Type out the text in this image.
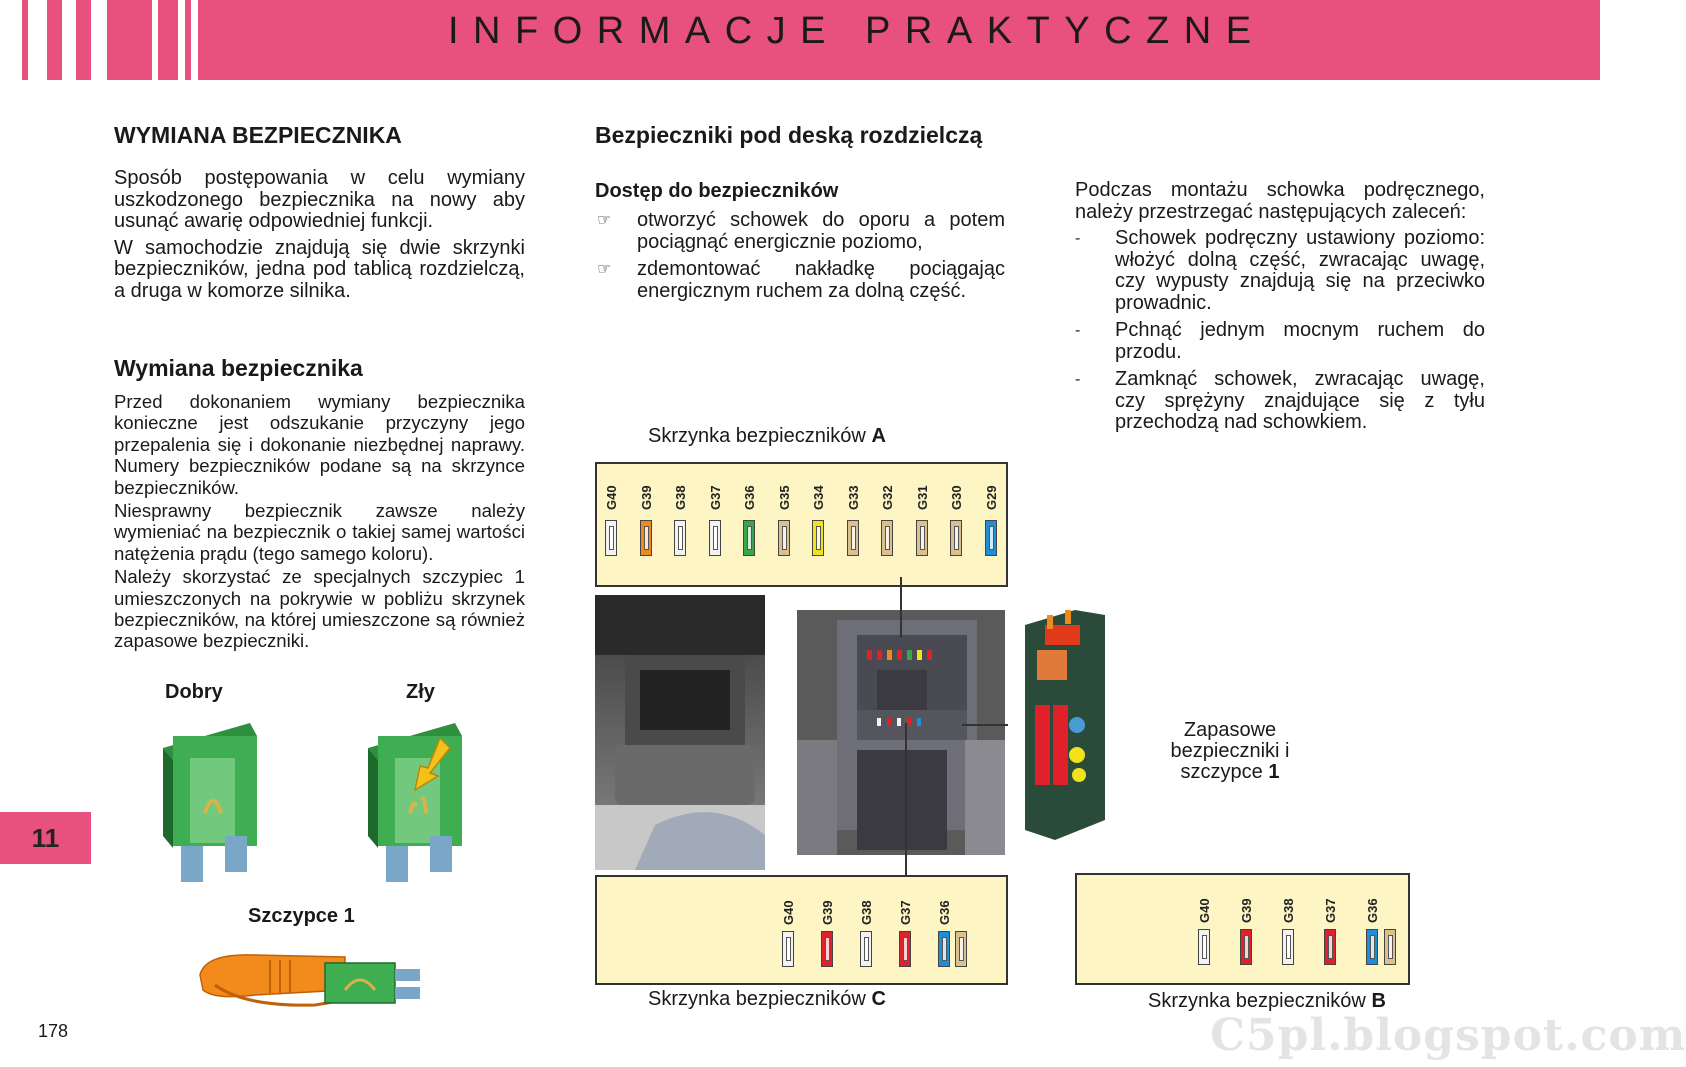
INFORMACJE PRAKTYCZNE
WYMIANA BEZPIECZNIKA

Sposób postępowania w celu wymiany uszkodzonego bezpiecznika na nowy aby usunąć awarię odpowiedniej funkcji.

W samochodzie znajdują się dwie skrzynki bezpieczników, jedna pod tablicą rozdzielczą, a druga w komorze silnika.

Wymiana bezpiecznika

Przed dokonaniem wymiany bezpiecznika konieczne jest odszukanie przyczyny jego przepalenia się i dokonanie niezbędnej naprawy. Numery bezpieczników podane są na skrzynce bezpieczników.

Niesprawny bezpiecznik zawsze należy wymieniać na bezpiecznik o takiej samej wartości natężenia prądu (tego samego koloru).

Należy skorzystać ze specjalnych szczypiec 1 umieszczonych na pokrywie w pobliżu skrzynek bezpieczników, na której umieszczone są również zapasowe bezpieczniki.

Dobry	Zły
Szczypce 1
Bezpieczniki pod deską rozdzielczą
Dostęp do bezpieczników
☞	otworzyć schowek do oporu a potem pociągnąć energicznie poziomo,
☞	zdemontować nakładkę pociągając energicznym ruchem za dolną część.
Skrzynka bezpieczników A
G40 G39 G38 G37 G36 G35 G34 G33 G32 G31 G30 G29
Zapasowe
bezpieczniki i
szczypce 1
G40 G39 G38 G37 G36
Skrzynka bezpieczników C

Podczas montażu schowka podręcznego, należy przestrzegać następujących zaleceń:

-	Schowek podręczny ustawiony poziomo: włożyć dolną część, zwracając uwagę, czy wypusty znajdują się na przeciwko prowadnic.
-	Pchnąć jednym mocnym ruchem do przodu.
-	Zamknąć schowek, zwracając uwagę, czy sprężyny znajdujące się z tyłu przechodzą nad schowkiem.
G40 G39 G38 G37 G36
Skrzynka bezpieczników B
11
178	C5pl.blogspot.com
